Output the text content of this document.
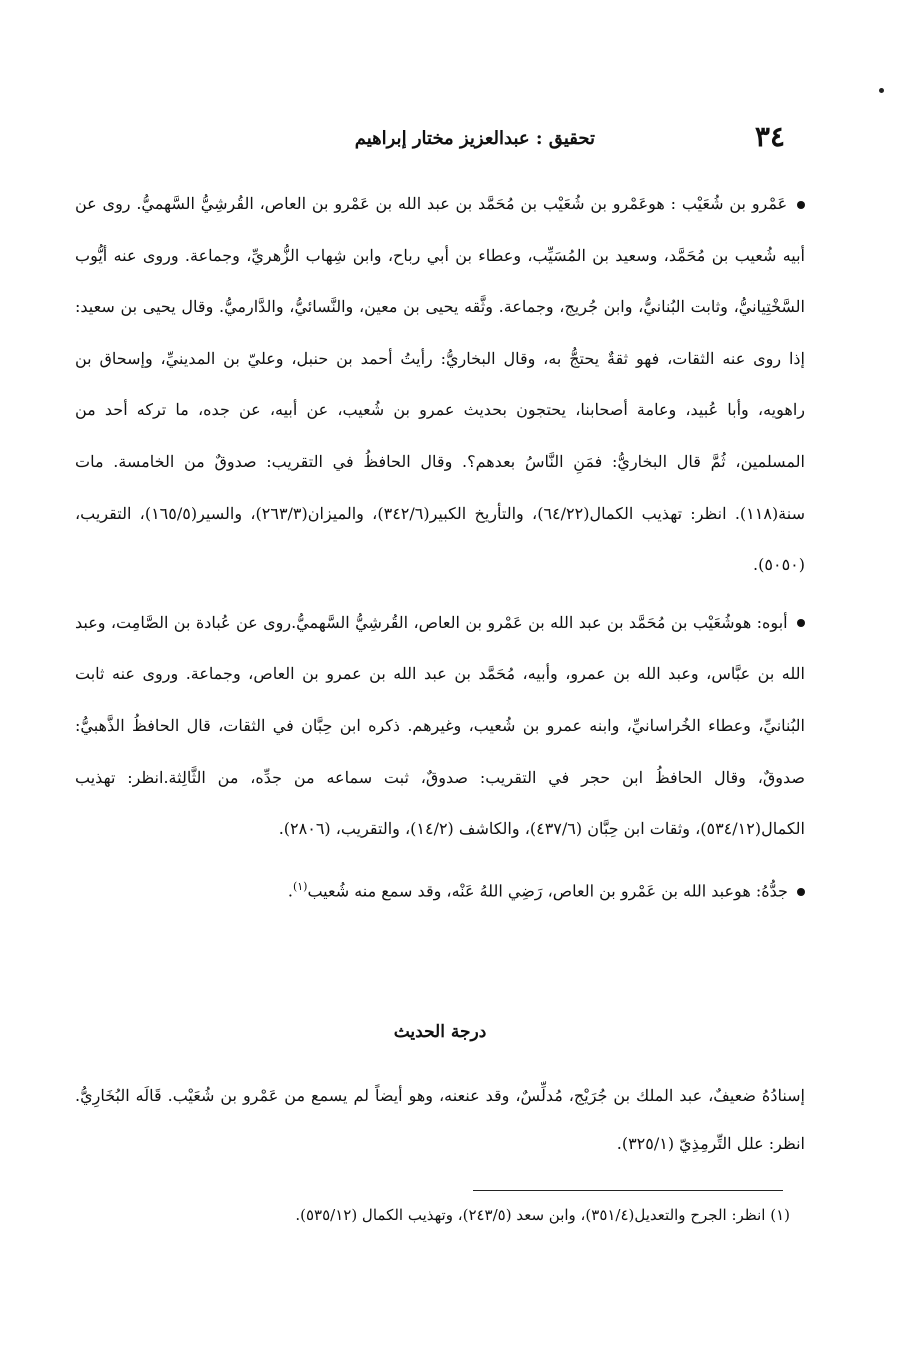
٣٤
تحقيق : عبدالعزيز مختار إبراهيم

عَمْرو بن شُعَيْب : هوعَمْرو بن شُعَيْب بن مُحَمَّد بن عبد الله بن عَمْرو بن العاص، القُرشِيُّ السَّهميُّ. روى عن أبيه شُعيب بن مُحَمَّد، وسعيد بن المُسَيِّب، وعطاء بن أبي رباح، وابن شِهاب الزُّهريِّ، وجماعة. وروى عنه أيُّوب السَّخْتِيانيُّ، وثابت البُنانيُّ، وابن جُريج، وجماعة. وثَّقه يحيى بن معين، والنَّسائيُّ، والدَّارميُّ. وقال يحيى بن سعيد: إذا روى عنه الثقات، فهو ثقةٌ يحتجُّ به، وقال البخاريُّ: رأيتُ أحمد بن حنبل، وعليّ بن المدينيِّ، وإسحاق بن راهويه، وأبا عُبيد، وعامة أصحابنا، يحتجون بحديث عمرو بن شُعيب، عن أبيه، عن جده، ما تركه أحد من المسلمين، ثُمَّ قال البخاريُّ: فمَنِ النَّاسُ بعدهم؟. وقال الحافظُ في التقريب: صدوقٌ من الخامسة. مات سنة(١١٨). انظر: تهذيب الكمال(٦٤/٢٢)، والتأريخ الكبير(٣٤٢/٦)، والميزان(٢٦٣/٣)، والسير(١٦٥/٥)، التقريب، (٥٠٥٠).

أبوه: هوشُعَيْب بن مُحَمَّد بن عبد الله بن عَمْرو بن العاص، القُرشِيُّ السَّهميُّ.روى عن عُبادة بن الصَّامِت، وعبد الله بن عبَّاس، وعبد الله بن عمرو، وأبيه، مُحَمَّد بن عبد الله بن عمرو بن العاص، وجماعة. وروى عنه ثابت البُنانيِّ، وعطاء الخُراسانيِّ، وابنه عمرو بن شُعيب، وغيرهم. ذكره ابن حِبَّان في الثقات، قال الحافظُ الذَّهبيُّ: صدوقٌ، وقال الحافظُ ابن حجر في التقريب: صدوقٌ، ثبت سماعه من جدِّه، من الثَّالِثة.انظر: تهذيب الكمال(٥٣٤/١٢)، وثقات ابن حِبَّان (٤٣٧/٦)، والكاشف (١٤/٢)، والتقريب، (٢٨٠٦).

جدُّهُ: هوعبد الله بن عَمْرو بن العاص، رَضِي اللهُ عَنْه، وقد سمع منه شُعيب$^{(١)}$.

درجة الحديث
إسنادُهُ ضعيفٌ، عبد الملك بن جُرَيْج، مُدلِّسٌ، وقد عنعنه، وهو أيضاً لم يسمع من عَمْرو بن شُعَيْب. قَالَه البُخَارِيُّ. انظر: علل التِّرمِذِيّ (٣٢٥/١).
(١) انظر: الجرح والتعديل(٣٥١/٤)، وابن سعد (٢٤٣/٥)، وتهذيب الكمال (٥٣٥/١٢).
